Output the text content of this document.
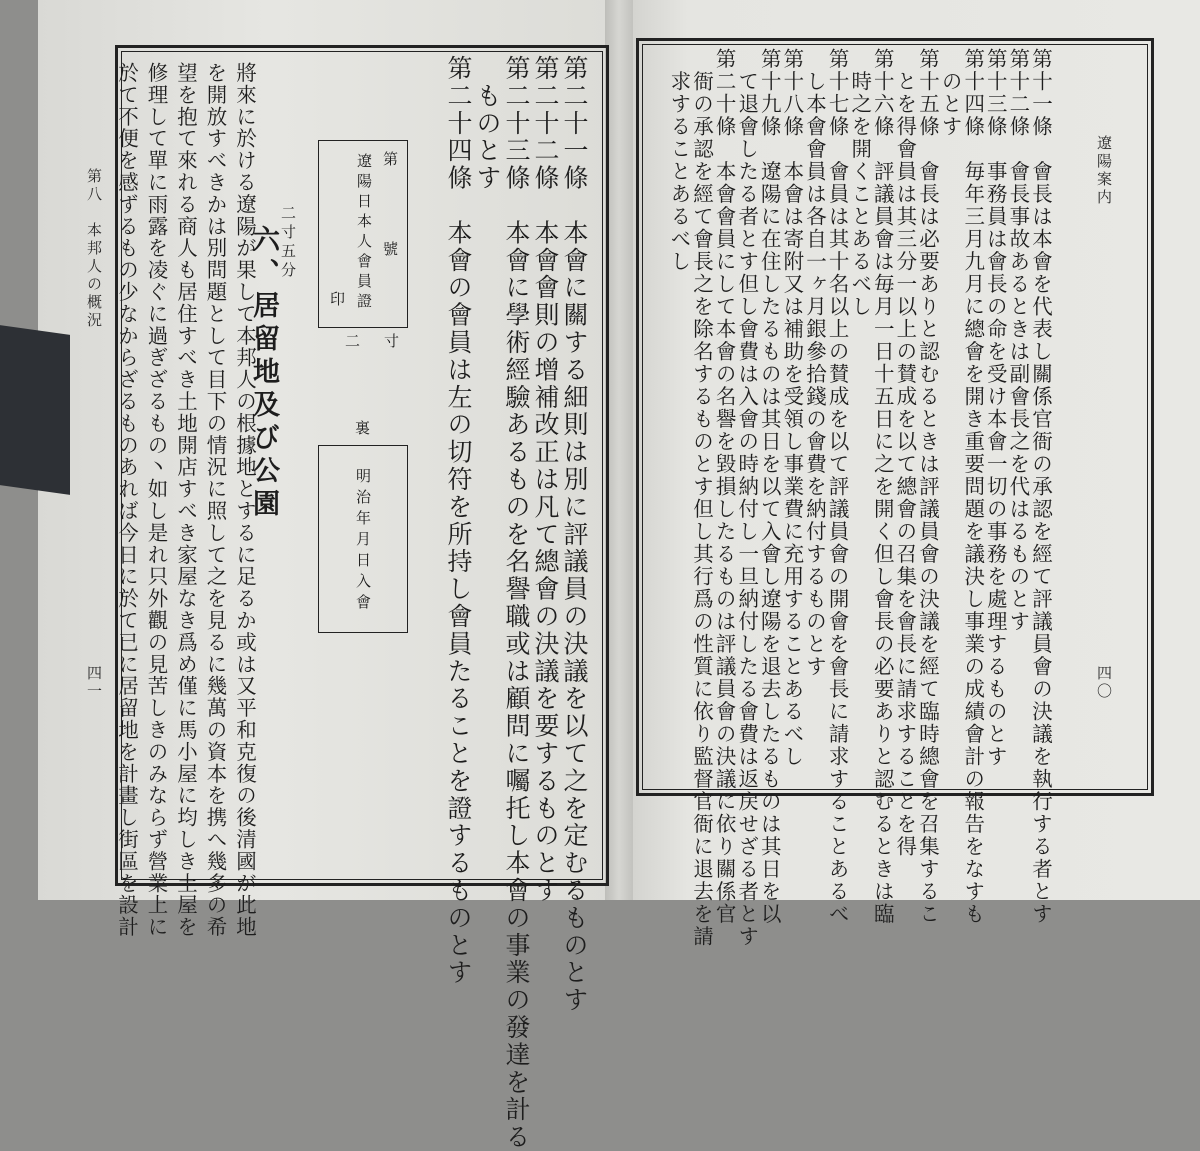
遼陽案内
四〇
第八　本邦人の概況
四一	第十一條　會長は本會を代表し關係官衙の承認を經て評議員會の決議を執行する者とす
第十二條　會長事故あるときは副會長之を代はるものとす
第十三條　事務員は會長の命を受け本會一切の事務を處理するものとす
第十四條　毎年三月九月に總會を開き重要問題を議決し事業の成績會計の報告をなすも
　のとす
第十五條　會長は必要ありと認むるときは評議員會の決議を經て臨時總會を召集するこ
　とを得會員は其三分一以上の賛成を以て總會の召集を會長に請求することを得
第十六條　評議員會は毎月一日十五日に之を開く但し會長の必要ありと認むるときは臨
　時之を開くことあるべし
第十七條　會員は其十名以上の賛成を以て評議員會の開會を會長に請求することあるべ
　し本會會員は各自一ヶ月銀參拾錢の會費を納付するものとす
第十八條　本會は寄附又は補助を受領し事業費に充用することあるべし
第十九條　遼陽に在住したるものは其日を以て入會し遼陽を退去したるものは其日を以
　て退會したる者とす但し會費は入會の時納付し一旦納付したる會費は返戻せざる者とす
第二十條　本會會員にして本會の名譽を毀損したるものは評議員會の決議に依り關係官
　衙の承認を經て會長之を除名するものとす但し其行爲の性質に依り監督官衙に退去を請
　求することあるべし
第二十一條　本會に關する細則は別に評議員の決議を以て之を定むるものとす
第二十二條　本會會則の增補改正は凡て總會の決議を要するものとす
第二十三條　本會に學術經驗あるものを名譽職或は顧問に囑托し本會の事業の發達を計る
　ものとす
第二十四條　本會の會員は左の切符を所持し會員たることを證するものとす
將來に於ける遼陽が果して本邦人の根據地とするに足るか或は又平和克復の後清國が此地
を開放すべきかは別問題として目下の情況に照して之を見るに幾萬の資本を携へ幾多の希
望を抱て來れる商人も居住すべき土地開店すべき家屋なき爲め僅に馬小屋に均しき土屋を
修理して單に雨露を凌ぐに過ぎざるもの丶如し是れ只外觀の見苦しきのみならず營業上に
於て不便を感ずるもの少なからざるものあれば今日に於て已に居留地を計畫し街區を設計	第
號
遼陽日本人會員證
印
二寸
二寸五分
裏
明治年月日入會
六、居留地及び公園
